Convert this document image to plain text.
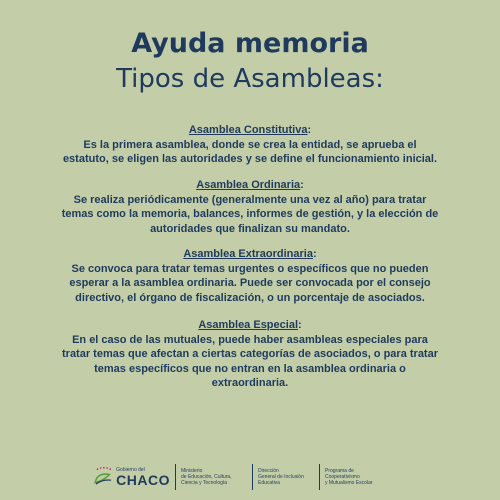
Ayuda memoria
Tipos de Asambleas:
Asamblea Constitutiva:

Es la primera asamblea, donde se crea la entidad, se aprueba el

estatuto, se eligen las autoridades y se define el funcionamiento inicial.

Asamblea Ordinaria:

Se realiza periódicamente (generalmente una vez al año) para tratar

temas como la memoria, balances, informes de gestión, y la elección de

autoridades que finalizan su mandato.

Asamblea Extraordinaria:

Se convoca para tratar temas urgentes o específicos que no pueden

esperar a la asamblea ordinaria. Puede ser convocada por el consejo

directivo, el órgano de fiscalización, o un porcentaje de asociados.

Asamblea Especial:

En el caso de las mutuales, puede haber asambleas especiales para

tratar temas que afectan a ciertas categorías de asociados, o para tratar

temas específicos que no entran en la asamblea ordinaria o

extraordinaria.

Gobierno del
CHACO
Ministerio
de Educación, Cultura,
Ciencia y Tecnología
Dirección
General de Inclusión
Educativa
Programa de
Cooperativismo
y Mutualismo Escolar
